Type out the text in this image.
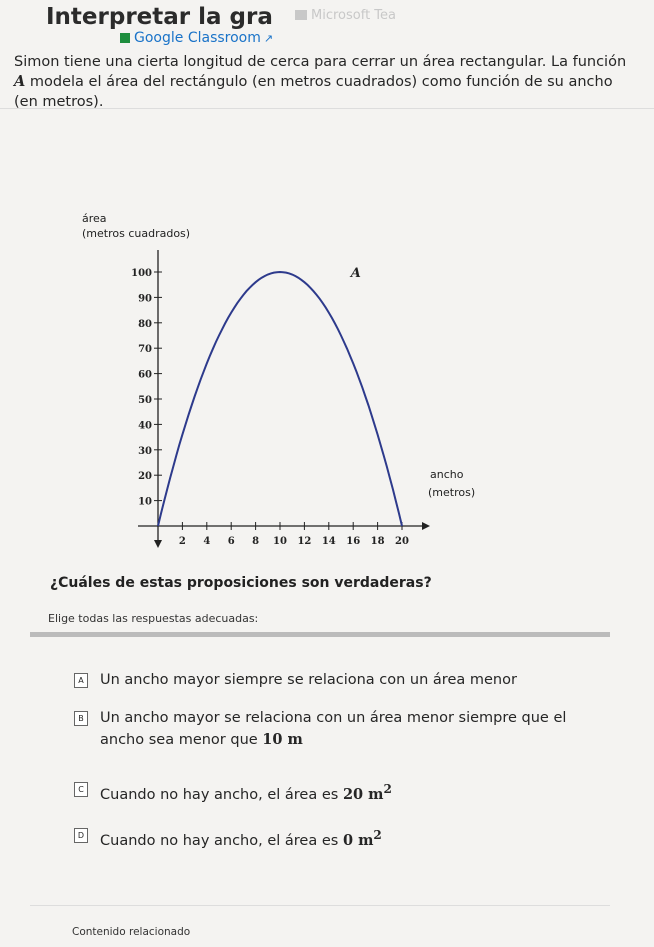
Interpretar la gra
Google Classroom ↗
Microsoft Tea
Simon tiene una cierta longitud de cerca para cerrar un área rectangular. La función A modela el área del rectángulo (en metros cuadrados) como función de su ancho (en metros).
10
20
30
40
50
60
70
80
90
100
2 4 6 8 10 12 14 16 18 20
A
área
(metros cuadrados)
ancho
(metros)
¿Cuáles de estas proposiciones son verdaderas?
Elige todas las respuestas adecuadas:
A Un ancho mayor siempre se relaciona con un área menor
B Un ancho mayor se relaciona con un área menor siempre que el ancho sea menor que 10 m
C Cuando no hay ancho, el área es 20 $m^2$
D Cuando no hay ancho, el área es 0 $m^2$
Contenido relacionado
